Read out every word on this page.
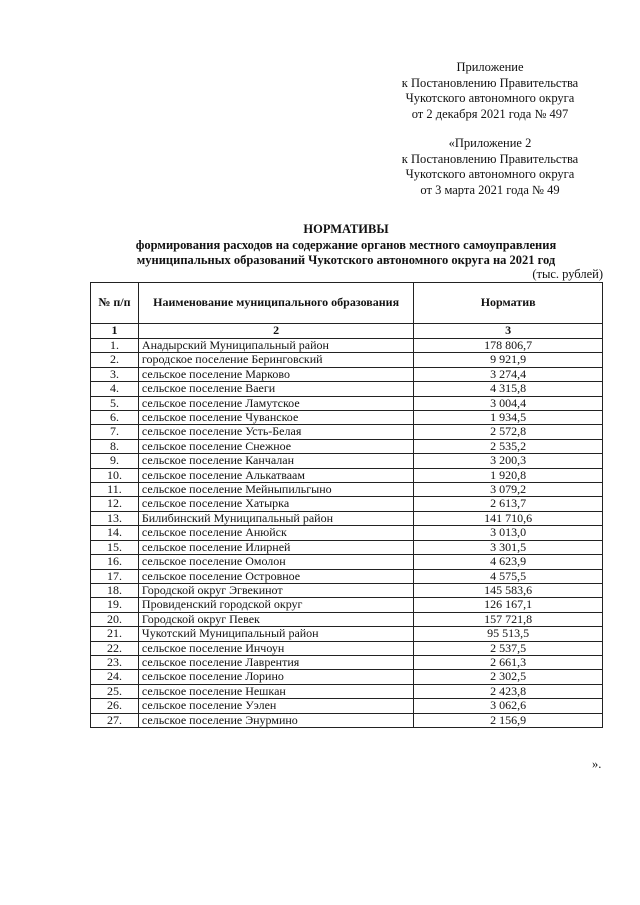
Приложение
к Постановлению Правительства
Чукотского автономного округа
от 2 декабря 2021 года № 497
«Приложение 2
к Постановлению Правительства
Чукотского автономного округа
от 3 марта 2021 года № 49
НОРМАТИВЫ
формирования расходов на содержание органов местного самоуправления муниципальных образований Чукотского автономного округа на 2021 год
(тыс. рублей)
№ п/п	Наименование муниципального образования	Норматив
1	2	3
1.	Анадырский Муниципальный район	178 806,7
2.	городское поселение Беринговский	9 921,9
3.	сельское поселение Марково	3 274,4
4.	сельское поселение Ваеги	4 315,8
5.	сельское поселение Ламутское	3 004,4
6.	сельское поселение Чуванское	1 934,5
7.	сельское поселение Усть-Белая	2 572,8
8.	сельское поселение Снежное	2 535,2
9.	сельское поселение Канчалан	3 200,3
10.	сельское поселение Алькатваам	1 920,8
11.	сельское поселение Мейныпильгыно	3 079,2
12.	сельское поселение Хатырка	2 613,7
13.	Билибинский Муниципальный район	141 710,6
14.	сельское поселение Анюйск	3 013,0
15.	сельское поселение Илирней	3 301,5
16.	сельское поселение Омолон	4 623,9
17.	сельское поселение Островное	4 575,5
18.	Городской округ Эгвекинот	145 583,6
19.	Провиденский городской округ	126 167,1
20.	Городской округ Певек	157 721,8
21.	Чукотский Муниципальный район	95 513,5
22.	сельское поселение Инчоун	2 537,5
23.	сельское поселение Лаврентия	2 661,3
24.	сельское поселение Лорино	2 302,5
25.	сельское поселение Нешкан	2 423,8
26.	сельское поселение Уэлен	3 062,6
27.	сельское поселение Энурмино	2 156,9
».
